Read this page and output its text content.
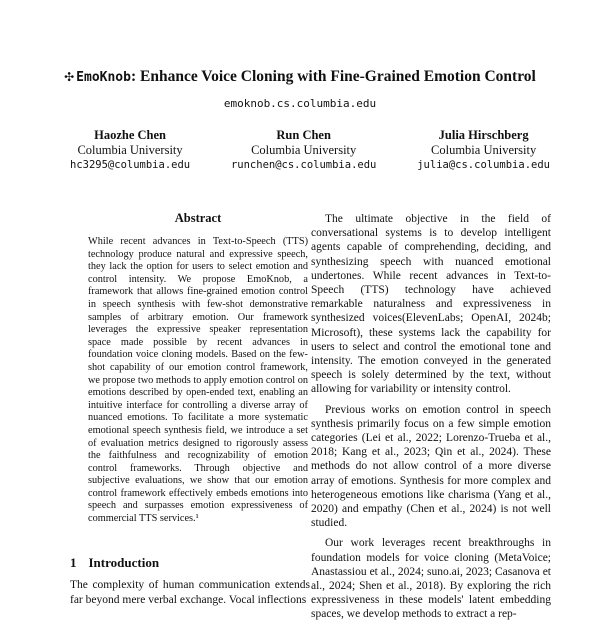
✣ EmoKnob: Enhance Voice Cloning with Fine-Grained Emotion Control
emoknob.cs.columbia.edu
Haozhe Chen
Columbia University
hc3295@columbia.edu
Run Chen
Columbia University
runchen@cs.columbia.edu
Julia Hirschberg
Columbia University
julia@cs.columbia.edu
Abstract
While recent advances in Text-to-Speech (TTS) technology produce natural and expressive speech, they lack the option for users to select emotion and control intensity. We propose EmoKnob, a framework that allows fine-grained emotion control in speech synthesis with few-shot demonstrative samples of arbitrary emotion. Our framework leverages the expressive speaker representation space made possible by recent advances in foundation voice cloning models. Based on the few-shot capability of our emotion control framework, we propose two methods to apply emotion control on emotions described by open-ended text, enabling an intuitive interface for controlling a diverse array of nuanced emotions. To facilitate a more systematic emotional speech synthesis field, we introduce a set of evaluation metrics designed to rigorously assess the faithfulness and recognizability of emotion control frameworks. Through objective and subjective evaluations, we show that our emotion control framework effectively embeds emotions into speech and surpasses emotion expressiveness of commercial TTS services.¹
1 Introduction
The complexity of human communication extends far beyond mere verbal exchange. Vocal inflections

The ultimate objective in the field of conversational systems is to develop intelligent agents capable of comprehending, deciding, and synthesizing speech with nuanced emotional undertones. While recent advances in Text-to-Speech (TTS) technology have achieved remarkable naturalness and expressiveness in synthesized voices(ElevenLabs; OpenAI, 2024b; Microsoft), these systems lack the capability for users to select and control the emotional tone and intensity. The emotion conveyed in the generated speech is solely determined by the text, without allowing for variability or intensity control.

Previous works on emotion control in speech synthesis primarily focus on a few simple emotion categories (Lei et al., 2022; Lorenzo-Trueba et al., 2018; Kang et al., 2023; Qin et al., 2024). These methods do not allow control of a more diverse array of emotions. Synthesis for more complex and heterogeneous emotions like charisma (Yang et al., 2020) and empathy (Chen et al., 2024) is not well studied.

Our work leverages recent breakthroughs in foundation models for voice cloning (MetaVoice; Anastassiou et al., 2024; suno.ai, 2023; Casanova et al., 2024; Shen et al., 2018). By exploring the rich expressiveness in these models' latent embedding spaces, we develop methods to extract a rep-
